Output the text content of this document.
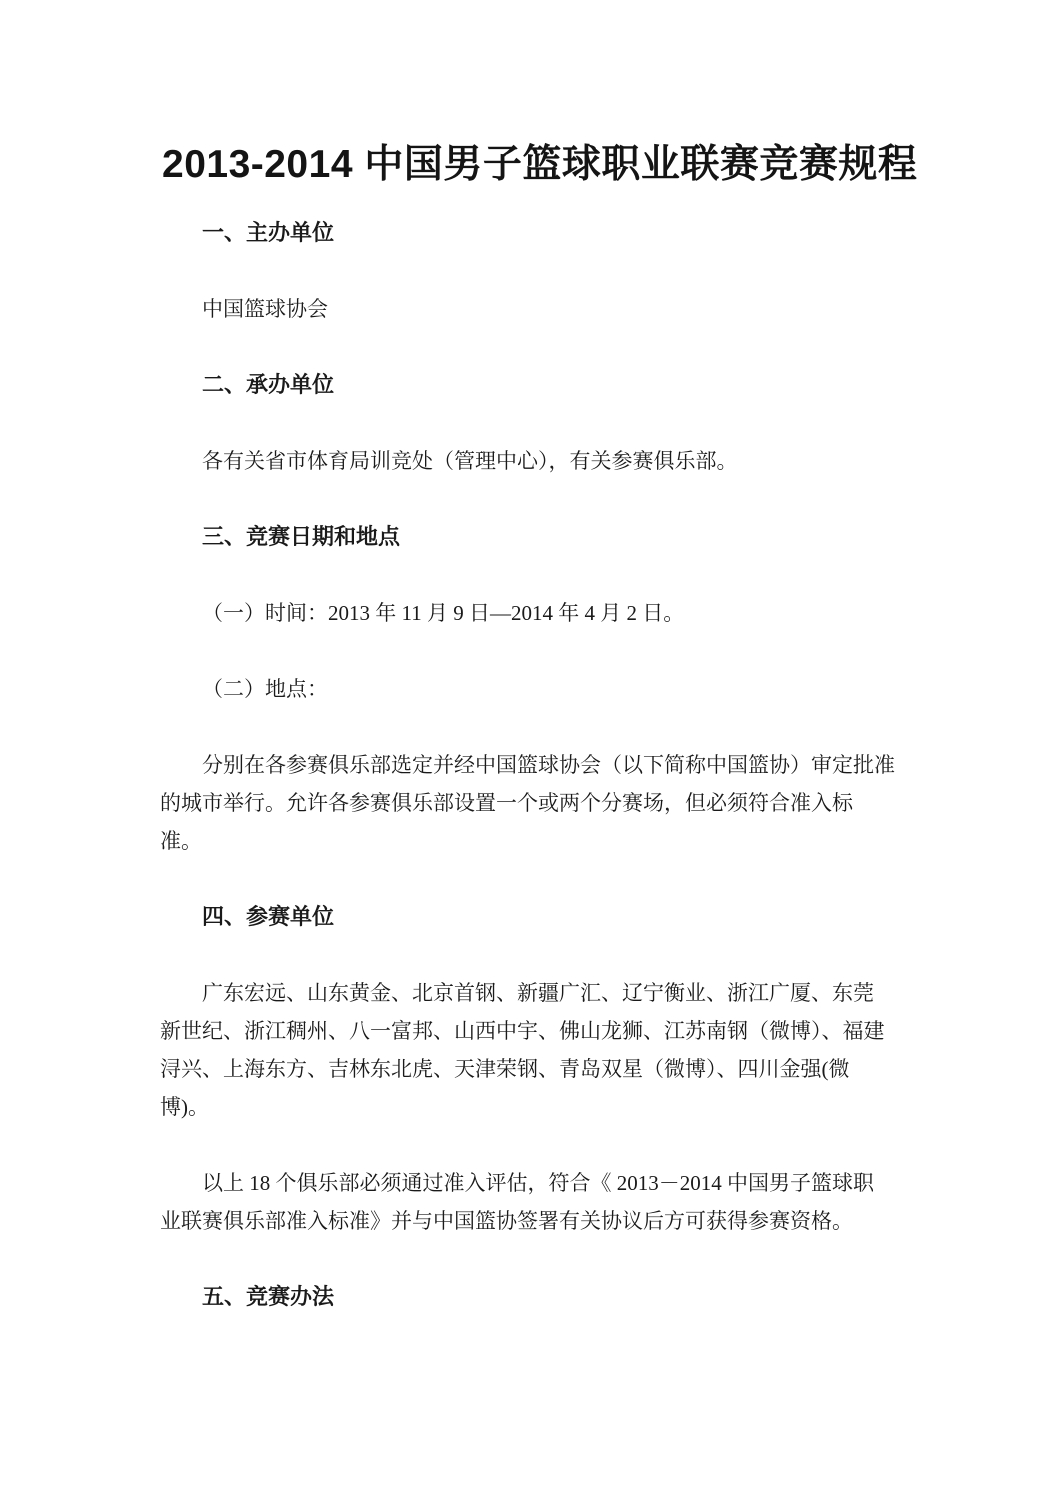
2013-2014 中国男子篮球职业联赛竞赛规程
一、主办单位
中国篮球协会
二、承办单位
各有关省市体育局训竞处（管理中心），有关参赛俱乐部。
三、竞赛日期和地点
（一）时间：2013 年 11 月 9 日—2014 年 4 月 2 日。
（二）地点：
分别在各参赛俱乐部选定并经中国篮球协会（以下简称中国篮协）审定批准
的城市举行。允许各参赛俱乐部设置一个或两个分赛场，但必须符合准入标
准。
四、参赛单位
广东宏远、山东黄金、北京首钢、新疆广汇、辽宁衡业、浙江广厦、东莞
新世纪、浙江稠州、八一富邦、山西中宇、佛山龙狮、江苏南钢（微博）、福建
浔兴、上海东方、吉林东北虎、天津荣钢、青岛双星（微博）、四川金强(微
博)。
以上 18 个俱乐部必须通过准入评估，符合《 2013－2014 中国男子篮球职
业联赛俱乐部准入标准》并与中国篮协签署有关协议后方可获得参赛资格。
五、竞赛办法
